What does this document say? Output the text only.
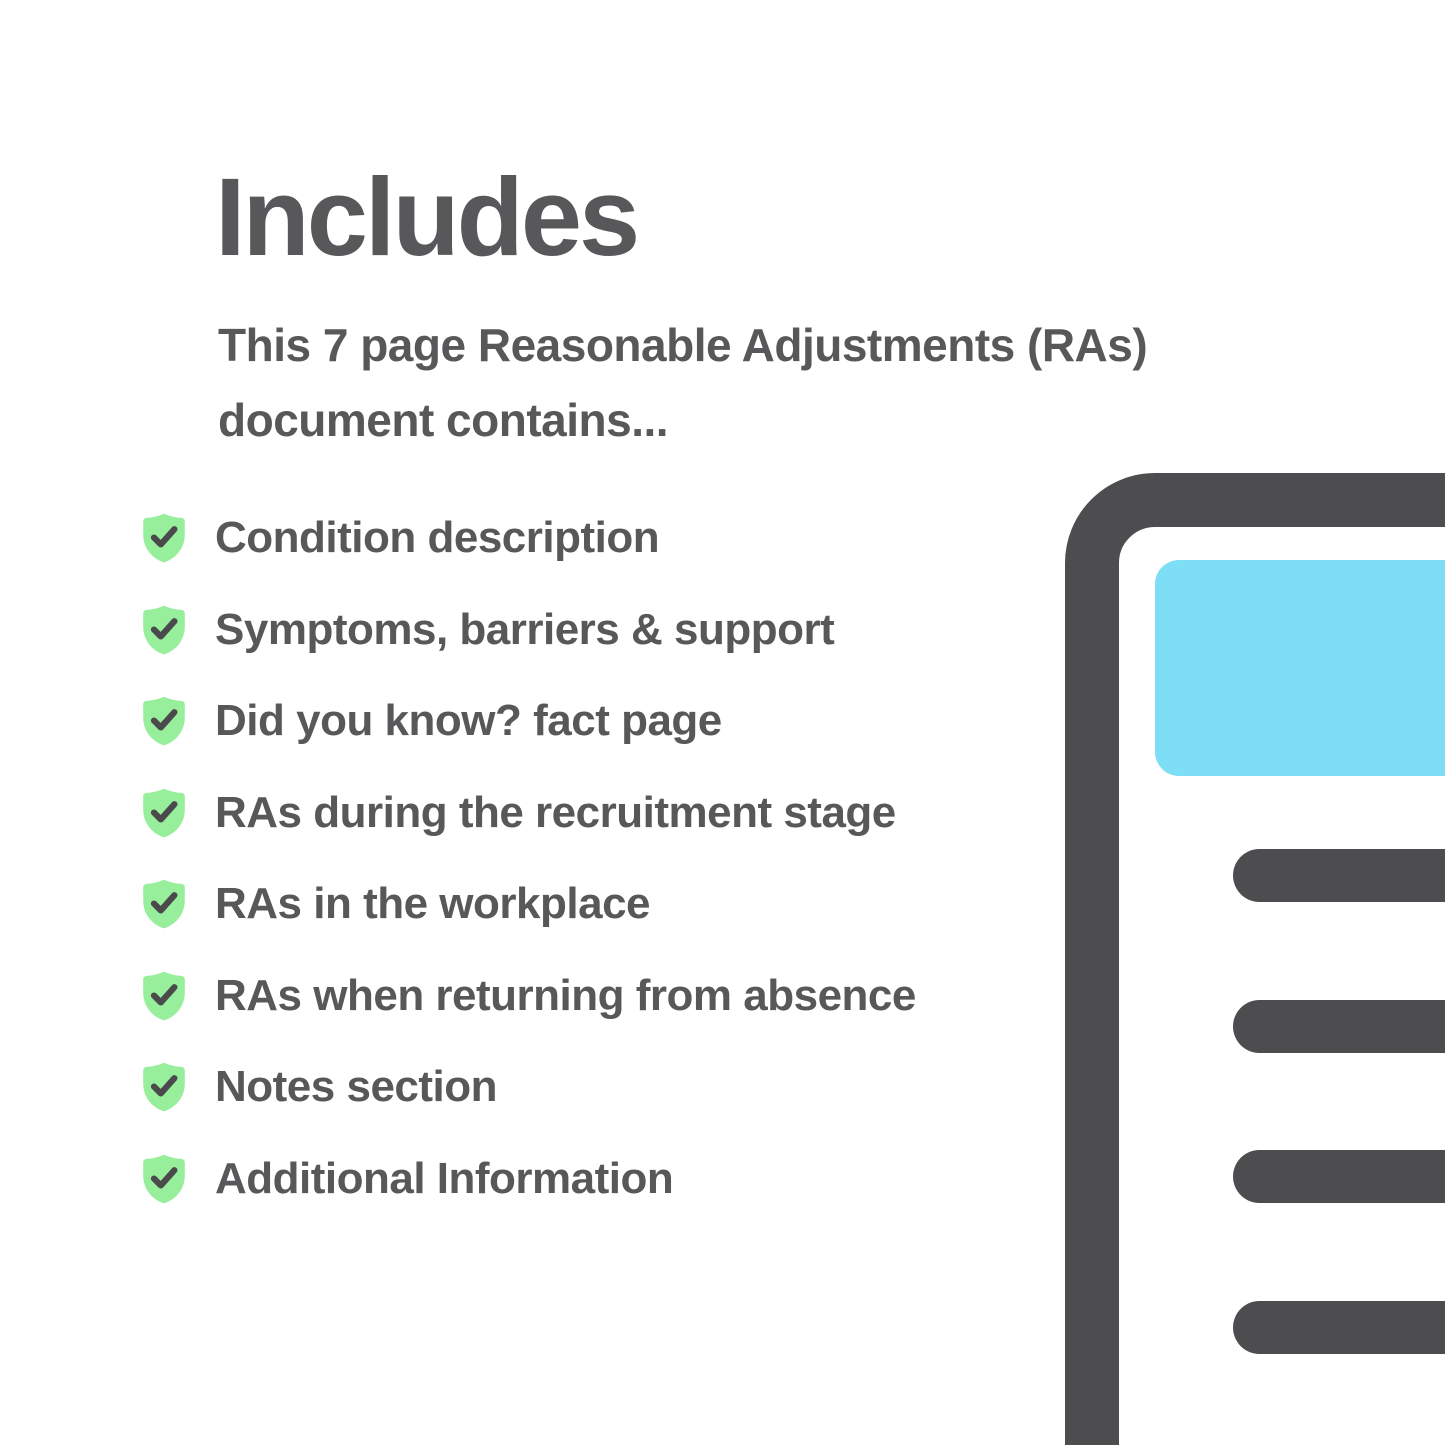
Includes

This 7 page Reasonable Adjustments (RAs)
document contains...

Condition description
Symptoms, barriers & support
Did you know? fact page
RAs during the recruitment stage
RAs in the workplace
RAs when returning from absence
Notes section
Additional Information
